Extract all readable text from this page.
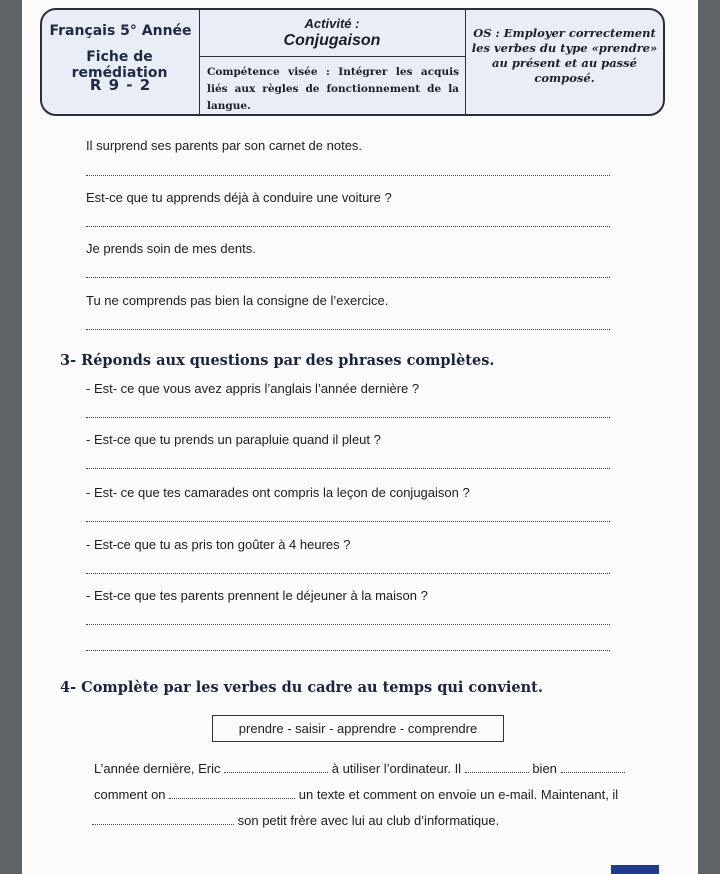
Français 5° Année
Fiche de remédiation
R 9 - 2
Activité :
Conjugaison
Compétence visée : Intégrer les acquis liés aux règles de fonctionnement de la langue.
OS : Employer correctement les verbes du type «prendre» au présent et au passé composé.
Il surprend ses parents par son carnet de notes.
Est-ce que tu apprends déjà à conduire une voiture ?
Je prends soin de mes dents.
Tu ne comprends pas bien la consigne de l’exercice.
3- Réponds aux questions par des phrases complètes.
- Est- ce que vous avez appris l’anglais l’année dernière ?
- Est-ce que tu prends un parapluie quand il pleut ?
- Est- ce que tes camarades ont compris la leçon de conjugaison ?
- Est-ce que tu as pris ton goûter à 4 heures ?
- Est-ce que tes parents prennent le déjeuner à la maison ?
4- Complète par les verbes du cadre au temps qui convient.
prendre - saisir - apprendre - comprendre
L’année dernière, Eric	à utiliser l’ordinateur. Il	bien
comment on	un texte et comment on envoie un e-mail. Maintenant, il
son petit frère avec lui au club d’informatique.
